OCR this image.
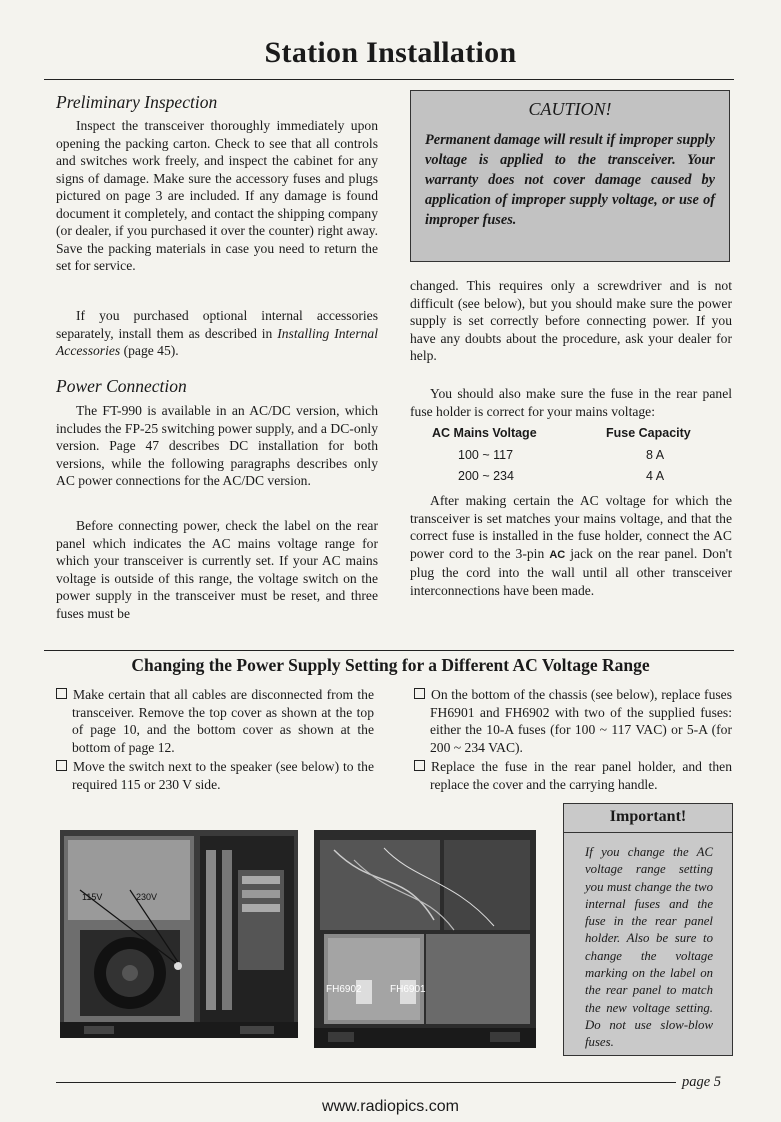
Station Installation
Preliminary Inspection

Inspect the transceiver thoroughly immediately upon opening the packing carton. Check to see that all controls and switches work freely, and inspect the cabinet for any signs of damage. Make sure the accessory fuses and plugs pictured on page 3 are included. If any damage is found document it completely, and contact the shipping company (or dealer, if you purchased it over the counter) right away. Save the packing materials in case you need to return the set for service.

If you purchased optional internal accessories separately, install them as described in Installing Internal Accessories (page 45).

Power Connection

The FT-990 is available in an AC/DC version, which includes the FP-25 switching power supply, and a DC-only version. Page 47 describes DC installation for both versions, while the following paragraphs describes only AC power connections for the AC/DC version.

Before connecting power, check the label on the rear panel which indicates the AC mains voltage range for which your transceiver is currently set. If your AC mains voltage is outside of this range, the voltage switch on the power supply in the transceiver must be reset, and three fuses must be

CAUTION!
Permanent damage will result if improper supply voltage is applied to the transceiver. Your warranty does not cover damage caused by application of improper supply voltage, or use of improper fuses.

changed. This requires only a screwdriver and is not difficult (see below), but you should make sure the power supply is set correctly before connecting power. If you have any doubts about the procedure, ask your dealer for help.

You should also make sure the fuse in the rear panel fuse holder is correct for your mains voltage:

AC Mains Voltage	Fuse Capacity
100 ~ 117	8 A
200 ~ 234	4 A

After making certain the AC voltage for which the transceiver is set matches your mains voltage, and that the correct fuse is installed in the fuse holder, connect the AC power cord to the 3-pin AC jack on the rear panel. Don't plug the cord into the wall until all other transceiver interconnections have been made.

Changing the Power Supply Setting for a Different AC Voltage Range
Make certain that all cables are disconnected from the transceiver. Remove the top cover as shown at the top of page 10, and the bottom cover as shown at the bottom of page 12.
Move the switch next to the speaker (see below) to the required 115 or 230 V side.
On the bottom of the chassis (see below), replace fuses FH6901 and FH6902 with two of the supplied fuses: either the 10-A fuses (for 100 ~ 117 VAC) or 5-A (for 200 ~ 234 VAC).
Replace the fuse in the rear panel holder, and then replace the cover and the carrying handle.
115V	230V
FH6902	FH6901
Important!
If you change the AC voltage range setting you must change the two internal fuses and the fuse in the rear panel holder. Also be sure to change the voltage marking on the label on the rear panel to match the new voltage setting. Do not use slow-blow fuses.
page 5
www.radiopics.com
